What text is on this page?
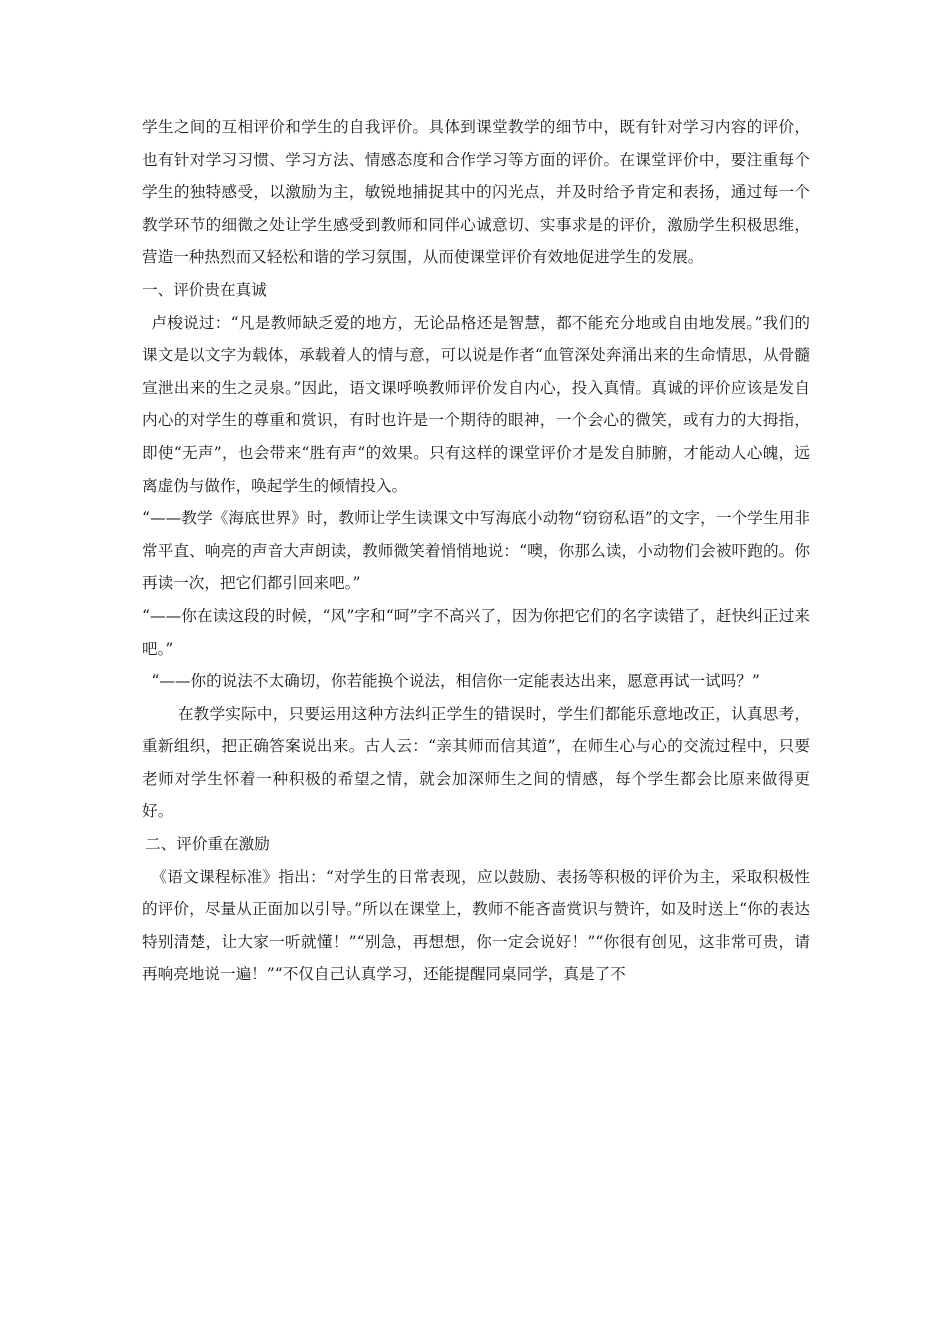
学生之间的互相评价和学生的自我评价。具体到课堂教学的细节中，既有针对学习内容的评价，也有针对学习习惯、学习方法、情感态度和合作学习等方面的评价。在课堂评价中，要注重每个学生的独特感受，以激励为主，敏锐地捕捉其中的闪光点，并及时给予肯定和表扬，通过每一个教学环节的细微之处让学生感受到教师和同伴心诚意切、实事求是的评价，激励学生积极思维，营造一种热烈而又轻松和谐的学习氛围，从而使课堂评价有效地促进学生的发展。

一、评价贵在真诚

卢梭说过：“凡是教师缺乏爱的地方，无论品格还是智慧，都不能充分地或自由地发展。”我们的课文是以文字为载体，承载着人的情与意，可以说是作者“血管深处奔涌出来的生命情思，从骨髓宣泄出来的生之灵泉。”因此，语文课呼唤教师评价发自内心，投入真情。真诚的评价应该是发自内心的对学生的尊重和赏识，有时也许是一个期待的眼神，一个会心的微笑，或有力的大拇指，即使“无声”，也会带来“胜有声“的效果。只有这样的课堂评价才是发自肺腑，才能动人心魄，远离虚伪与做作，唤起学生的倾情投入。

“——教学《海底世界》时，教师让学生读课文中写海底小动物“窃窃私语”的文字，一个学生用非常平直、响亮的声音大声朗读，教师微笑着悄悄地说：“噢，你那么读，小动物们会被吓跑的。你再读一次，把它们都引回来吧。”

“——你在读这段的时候，“风”字和“呵”字不高兴了，因为你把它们的名字读错了，赶快纠正过来吧。”

“——你的说法不太确切，你若能换个说法，相信你一定能表达出来，愿意再试一试吗？”

在教学实际中，只要运用这种方法纠正学生的错误时，学生们都能乐意地改正，认真思考，重新组织，把正确答案说出来。古人云：“亲其师而信其道”，在师生心与心的交流过程中，只要老师对学生怀着一种积极的希望之情，就会加深师生之间的情感，每个学生都会比原来做得更好。

二、评价重在激励

《语文课程标准》指出：“对学生的日常表现，应以鼓励、表扬等积极的评价为主，采取积极性的评价，尽量从正面加以引导。”所以在课堂上，教师不能吝啬赏识与赞许，如及时送上“你的表达特别清楚，让大家一听就懂！”“别急，再想想，你一定会说好！”“你很有创见，这非常可贵，请再响亮地说一遍！”“不仅自己认真学习，还能提醒同桌同学，真是了不
